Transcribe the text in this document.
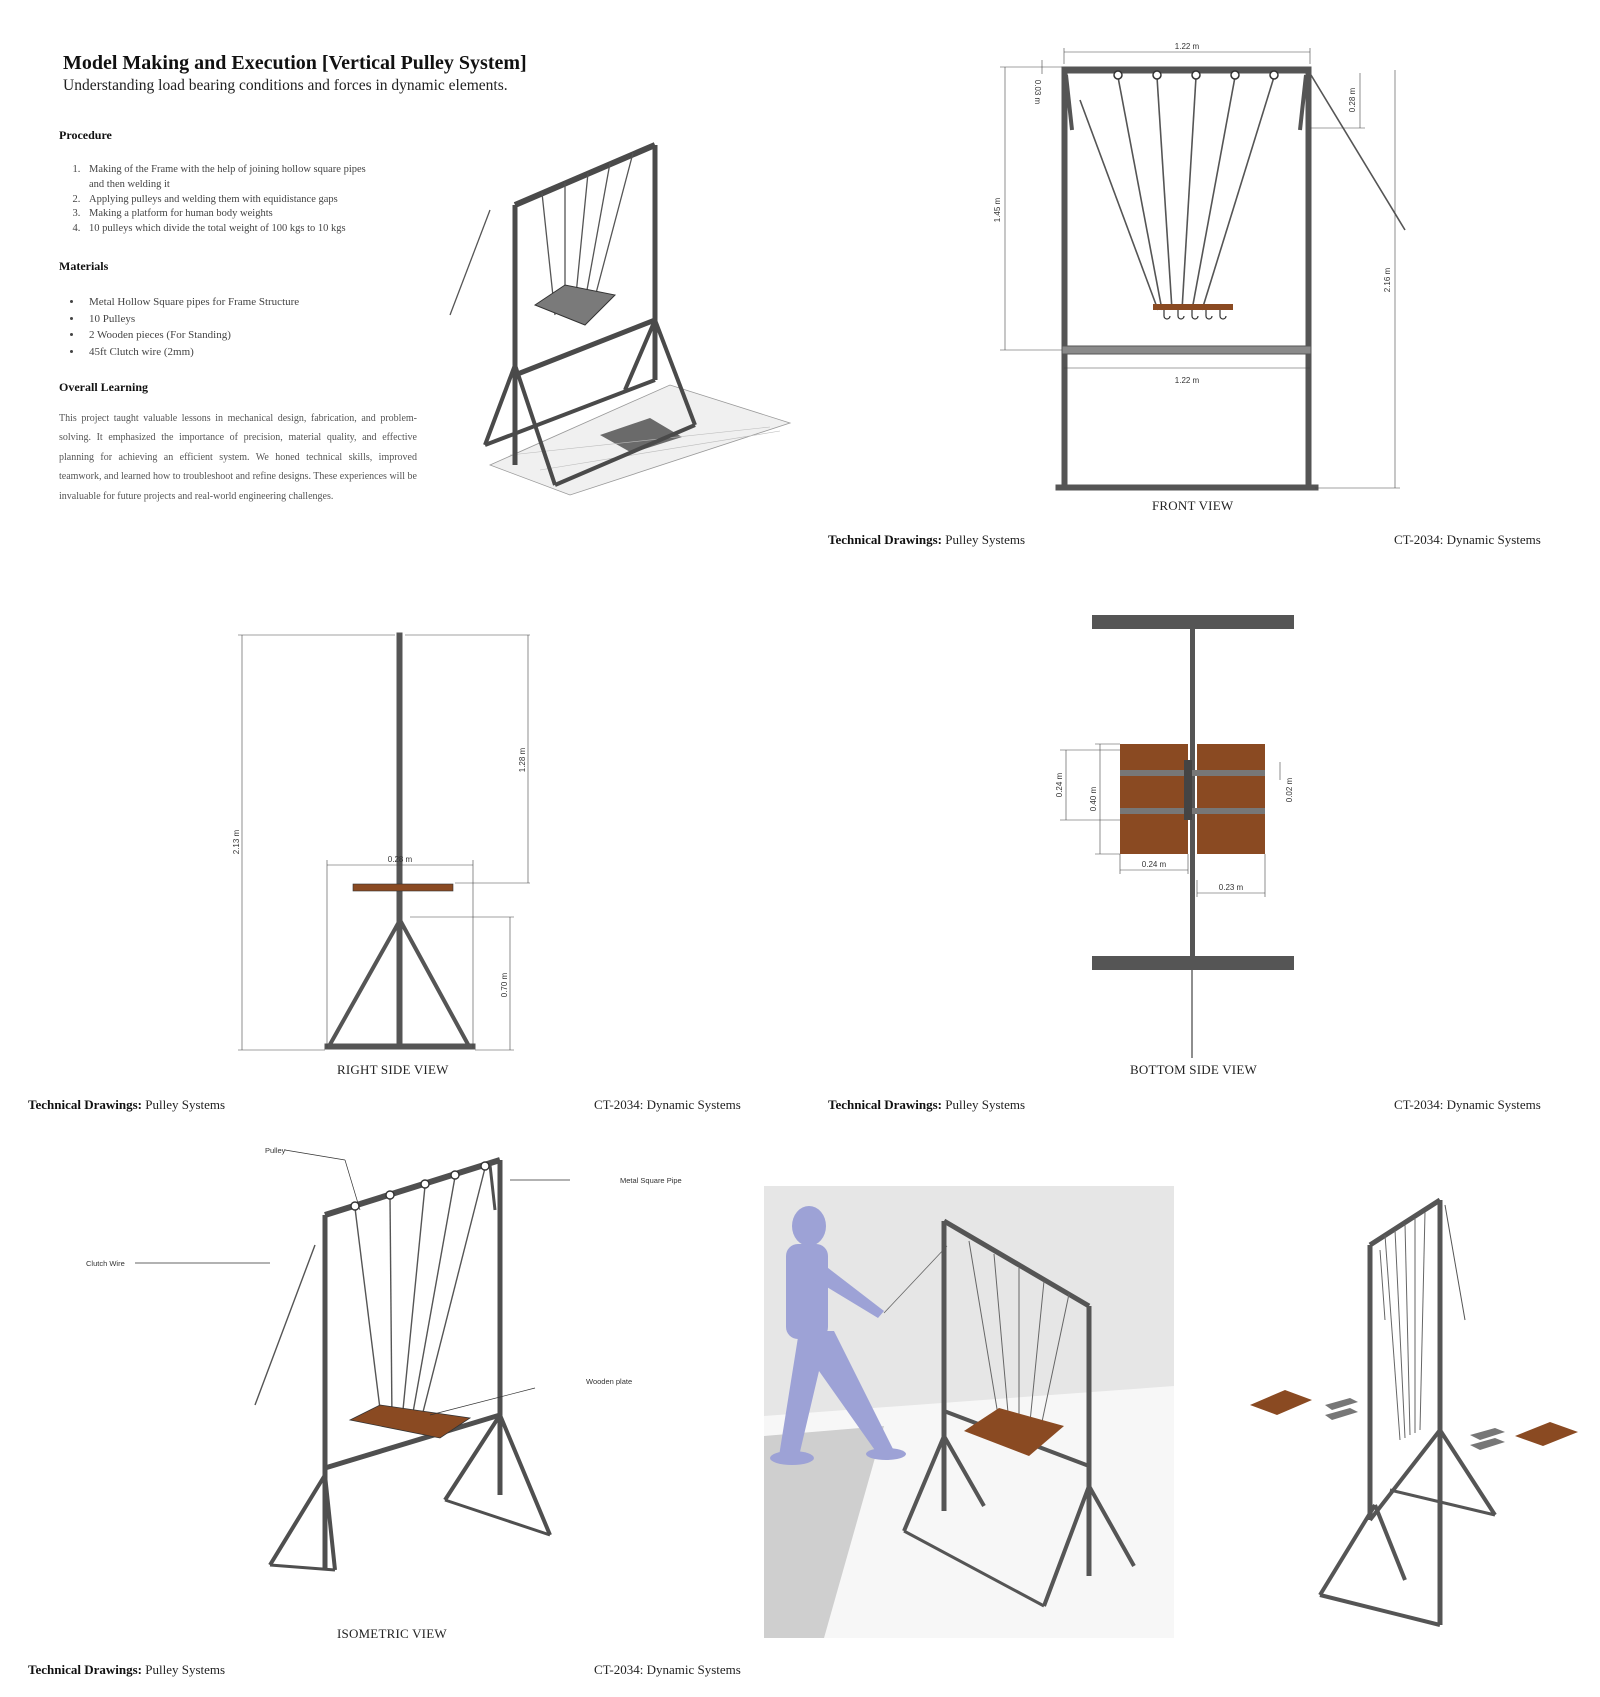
Model Making and Execution [Vertical Pulley System]
Understanding load bearing conditions and forces in dynamic elements.
Procedure
1. Making of the Frame with the help of joining hollow square pipes and then welding it
2. Applying pulleys and welding them with equidistance gaps
3. Making a platform for human body weights
4. 10 pulleys which divide the total weight of 100 kgs to 10 kgs
Materials
• Metal Hollow Square pipes for Frame Structure
• 10 Pulleys
• 2 Wooden pieces (For Standing)
• 45ft Clutch wire (2mm)
Overall Learning
This project taught valuable lessons in mechanical design, fabrication, and problem-solving. It emphasized the importance of precision, material quality, and effective planning for achieving an efficient system. We honed technical skills, improved teamwork, and learned how to troubleshoot and refine designs. These experiences will be invaluable for future projects and real-world engineering challenges.
1.22 m
1.22 m
1.45 m
2.16 m
0.28 m
0.03 m
FRONT VIEW
Technical Drawings: Pulley Systems	CT-2034: Dynamic Systems
0.28 m
2.13 m
1.28 m
0.70 m
RIGHT SIDE VIEW
Technical Drawings: Pulley Systems	CT-2034: Dynamic Systems
0.24 m
0.40 m	0.02 m
0.24 m
0.23 m
BOTTOM SIDE VIEW
Technical Drawings: Pulley Systems	CT-2034: Dynamic Systems
Pulley
Metal Square Pipe
Clutch Wire
Wooden plate
ISOMETRIC VIEW
Technical Drawings: Pulley Systems	CT-2034: Dynamic Systems
